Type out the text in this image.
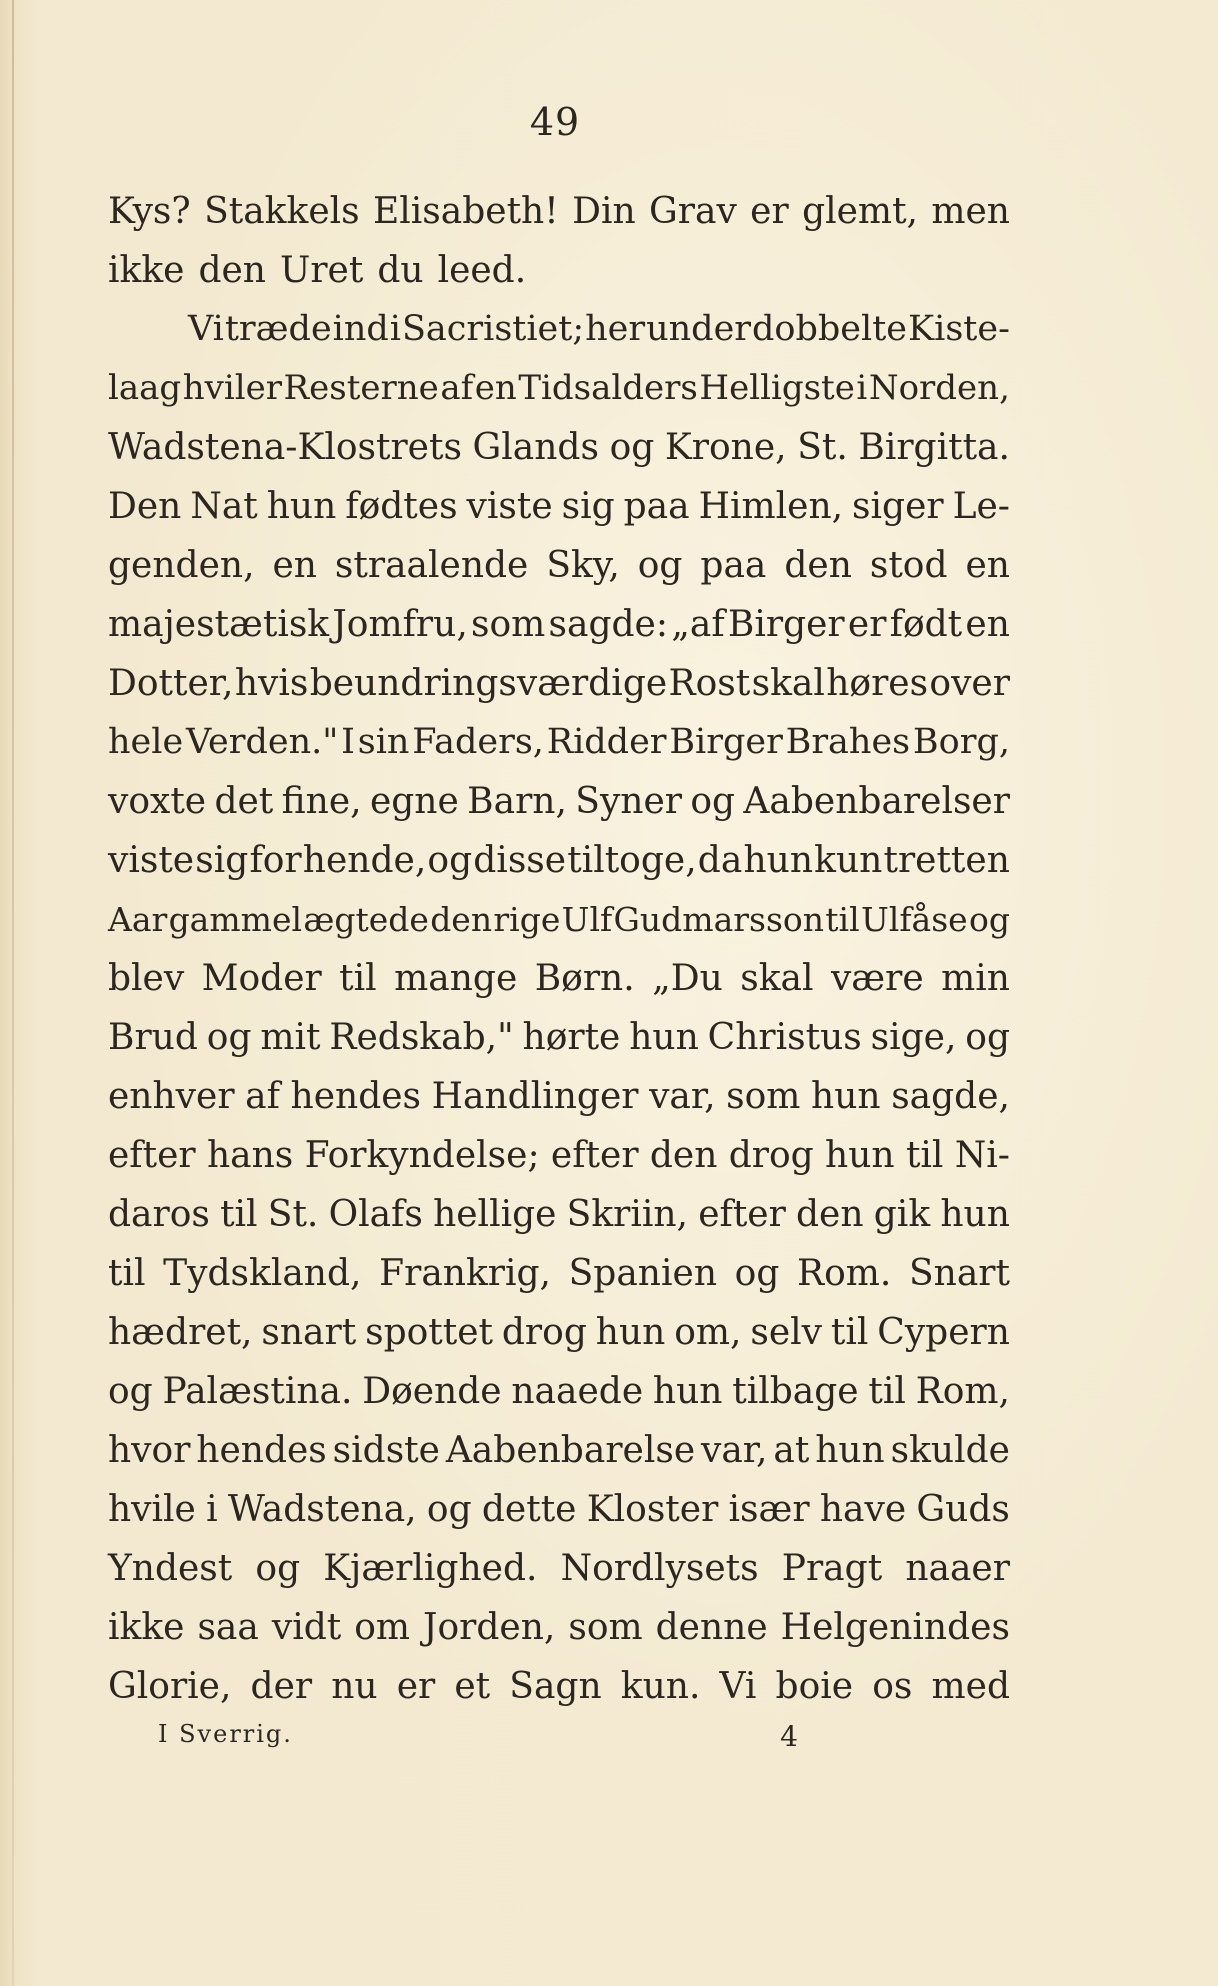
49
Kys? Stakkels Elisabeth! Din Grav er glemt, men
ikke den Uret du leed.
Vi træde ind i Sacristiet; her under dobbelte Kiste-
laag hviler Resterne af en Tidsalders Helligste i Norden,
Wadstena-Klostrets Glands og Krone, St. Birgitta.
Den Nat hun fødtes viste sig paa Himlen, siger Le-
genden, en straalende Sky, og paa den stod en
majestætisk Jomfru, som sagde: „af Birger er født en
Dotter, hvis beundringsværdige Rost skal høres over
hele Verden." I sin Faders, Ridder Birger Brahes Borg,
voxte det fine, egne Barn, Syner og Aabenbarelser
viste sig for hende, og disse tiltoge, da hun kun tretten
Aar gammel ægtede den rige Ulf Gudmarsson til Ulfåse og
blev Moder til mange Børn. „Du skal være min
Brud og mit Redskab," hørte hun Christus sige, og
enhver af hendes Handlinger var, som hun sagde,
efter hans Forkyndelse; efter den drog hun til Ni-
daros til St. Olafs hellige Skriin, efter den gik hun
til Tydskland, Frankrig, Spanien og Rom. Snart
hædret, snart spottet drog hun om, selv til Cypern
og Palæstina. Døende naaede hun tilbage til Rom,
hvor hendes sidste Aabenbarelse var, at hun skulde
hvile i Wadstena, og dette Kloster især have Guds
Yndest og Kjærlighed. Nordlysets Pragt naaer
ikke saa vidt om Jorden, som denne Helgenindes
Glorie, der nu er et Sagn kun. Vi boie os med
I Sverrig.	4
